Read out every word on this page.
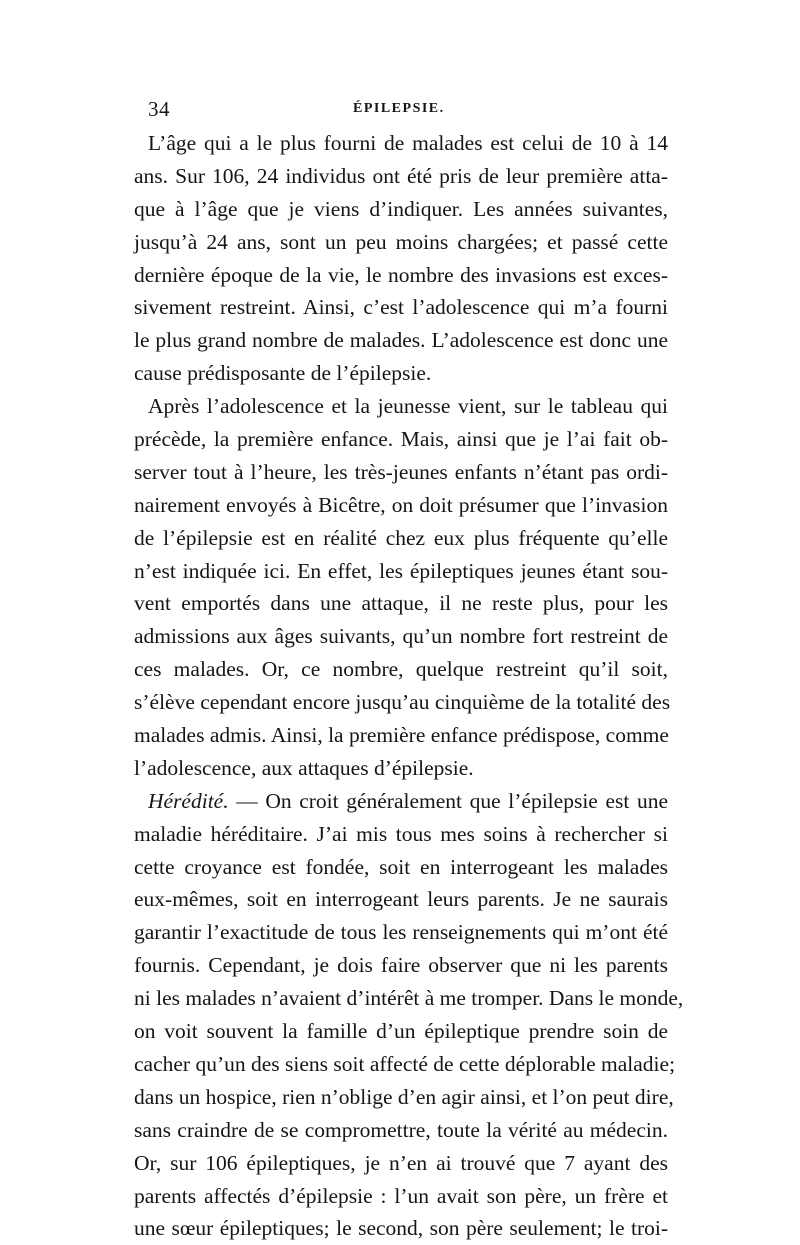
34	ÉPILEPSIE.
L’âge qui a le plus fourni de malades est celui de 10 à 14
ans. Sur 106, 24 individus ont été pris de leur première atta-
que à l’âge que je viens d’indiquer. Les années suivantes,
jusqu’à 24 ans, sont un peu moins chargées; et passé cette
dernière époque de la vie, le nombre des invasions est exces-
sivement restreint. Ainsi, c’est l’adolescence qui m’a fourni
le plus grand nombre de malades. L’adolescence est donc une
cause prédisposante de l’épilepsie.
Après l’adolescence et la jeunesse vient, sur le tableau qui
précède, la première enfance. Mais, ainsi que je l’ai fait ob-
server tout à l’heure, les très-jeunes enfants n’étant pas ordi-
nairement envoyés à Bicêtre, on doit présumer que l’invasion
de l’épilepsie est en réalité chez eux plus fréquente qu’elle
n’est indiquée ici. En effet, les épileptiques jeunes étant sou-
vent emportés dans une attaque, il ne reste plus, pour les
admissions aux âges suivants, qu’un nombre fort restreint de
ces malades. Or, ce nombre, quelque restreint qu’il soit,
s’élève cependant encore jusqu’au cinquième de la totalité des
malades admis. Ainsi, la première enfance prédispose, comme
l’adolescence, aux attaques d’épilepsie.
Hérédité. — On croit généralement que l’épilepsie est une
maladie héréditaire. J’ai mis tous mes soins à rechercher si
cette croyance est fondée, soit en interrogeant les malades
eux-mêmes, soit en interrogeant leurs parents. Je ne saurais
garantir l’exactitude de tous les renseignements qui m’ont été
fournis. Cependant, je dois faire observer que ni les parents
ni les malades n’avaient d’intérêt à me tromper. Dans le monde,
on voit souvent la famille d’un épileptique prendre soin de
cacher qu’un des siens soit affecté de cette déplorable maladie;
dans un hospice, rien n’oblige d’en agir ainsi, et l’on peut dire,
sans craindre de se compromettre, toute la vérité au médecin.
Or, sur 106 épileptiques, je n’en ai trouvé que 7 ayant des
parents affectés d’épilepsie : l’un avait son père, un frère et
une sœur épileptiques; le second, son père seulement; le troi-
